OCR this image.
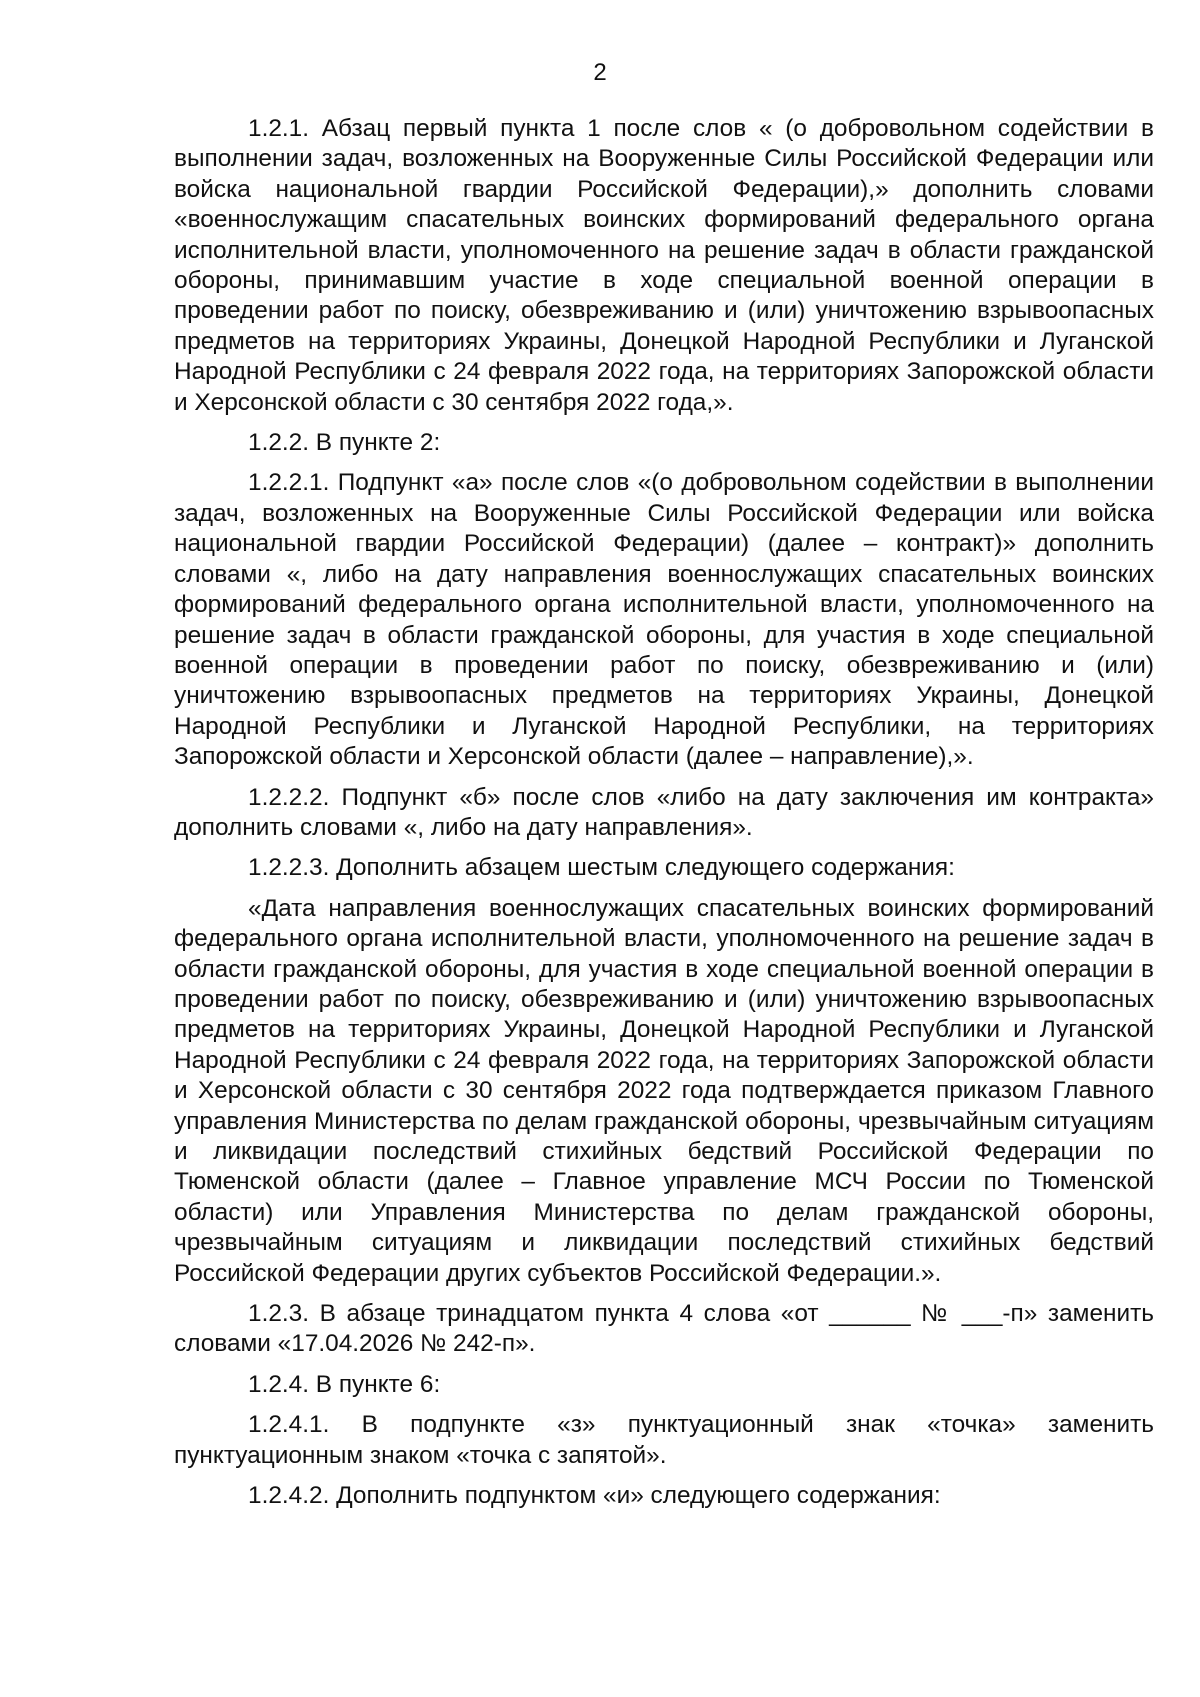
2

1.2.1. Абзац первый пункта 1 после слов « (о добровольном содействии в выполнении задач, возложенных на Вооруженные Силы Российской Федерации или войска национальной гвардии Российской Федерации),» дополнить словами «военнослужащим спасательных воинских формирований федерального органа исполнительной власти, уполномоченного на решение задач в области гражданской обороны, принимавшим участие в ходе специальной военной операции в проведении работ по поиску, обезвреживанию и (или) уничтожению взрывоопасных предметов на территориях Украины, Донецкой Народной Республики и Луганской Народной Республики с 24 февраля 2022 года, на территориях Запорожской области и Херсонской области с 30 сентября 2022 года,».

1.2.2. В пункте 2:

1.2.2.1. Подпункт «а» после слов «(о добровольном содействии в выполнении задач, возложенных на Вооруженные Силы Российской Федерации или войска национальной гвардии Российской Федерации) (далее – контракт)» дополнить словами «, либо на дату направления военнослужащих спасательных воинских формирований федерального органа исполнительной власти, уполномоченного на решение задач в области гражданской обороны, для участия в ходе специальной военной операции в проведении работ по поиску, обезвреживанию и (или) уничтожению взрывоопасных предметов на территориях Украины, Донецкой Народной Республики и Луганской Народной Республики, на территориях Запорожской области и Херсонской области (далее – направление),».

1.2.2.2. Подпункт «б» после слов «либо на дату заключения им контракта» дополнить словами «, либо на дату направления».

1.2.2.3. Дополнить абзацем шестым следующего содержания:

«Дата направления военнослужащих спасательных воинских формирований федерального органа исполнительной власти, уполномоченного на решение задач в области гражданской обороны, для участия в ходе специальной военной операции в проведении работ по поиску, обезвреживанию и (или) уничтожению взрывоопасных предметов на территориях Украины, Донецкой Народной Республики и Луганской Народной Республики с 24 февраля 2022 года, на территориях Запорожской области и Херсонской области с 30 сентября 2022 года подтверждается приказом Главного управления Министерства по делам гражданской обороны, чрезвычайным ситуациям и ликвидации последствий стихийных бедствий Российской Федерации по Тюменской области (далее – Главное управление МСЧ России по Тюменской области) или Управления Министерства по делам гражданской обороны, чрезвычайным ситуациям и ликвидации последствий стихийных бедствий Российской Федерации других субъектов Российской Федерации.».

1.2.3. В абзаце тринадцатом пункта 4 слова «от ______ № ___-п» заменить словами «17.04.2026 № 242-п».

1.2.4. В пункте 6:

1.2.4.1. В подпункте «з» пунктуационный знак «точка» заменить пунктуационным знаком «точка с запятой».

1.2.4.2. Дополнить подпунктом «и» следующего содержания:
